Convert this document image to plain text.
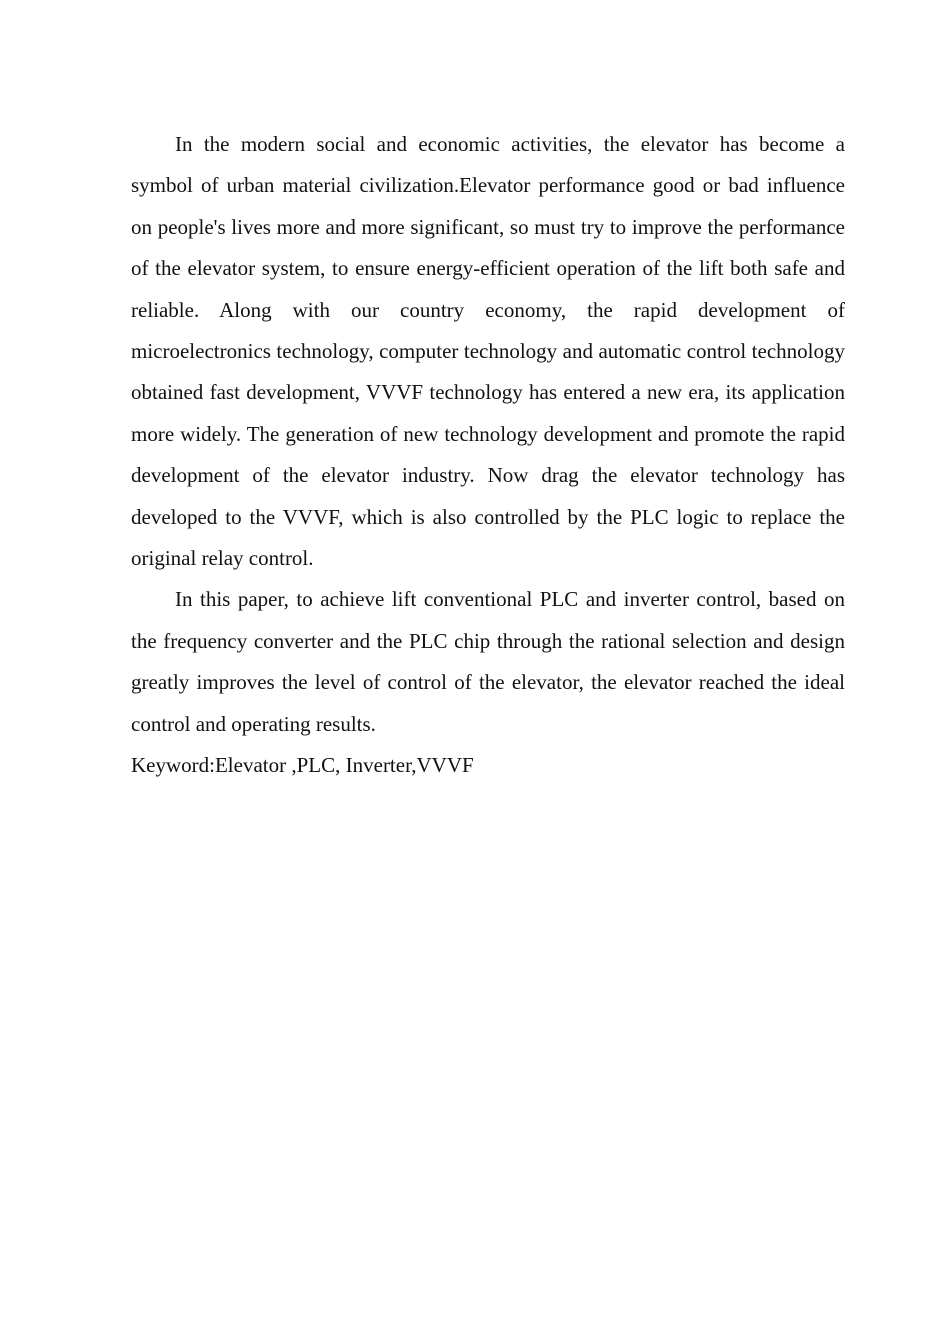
In the modern social and economic activities, the elevator has become a symbol of urban material civilization.Elevator performance good or bad influence on people's lives more and more significant, so must try to improve the performance of the elevator system, to ensure energy-efficient operation of the lift both safe and reliable. Along with our country economy, the rapid development of microelectronics technology, computer technology and automatic control technology obtained fast development, VVVF technology has entered a new era, its application more widely. The generation of new technology development and promote the rapid development of the elevator industry. Now drag the elevator technology has developed to the VVVF, which is also controlled by the PLC logic to replace the original relay control.

In this paper, to achieve lift conventional PLC and inverter control, based on the frequency converter and the PLC chip through the rational selection and design greatly improves the level of control of the elevator, the elevator reached the ideal control and operating results.

Keyword:Elevator ,PLC, Inverter,VVVF
